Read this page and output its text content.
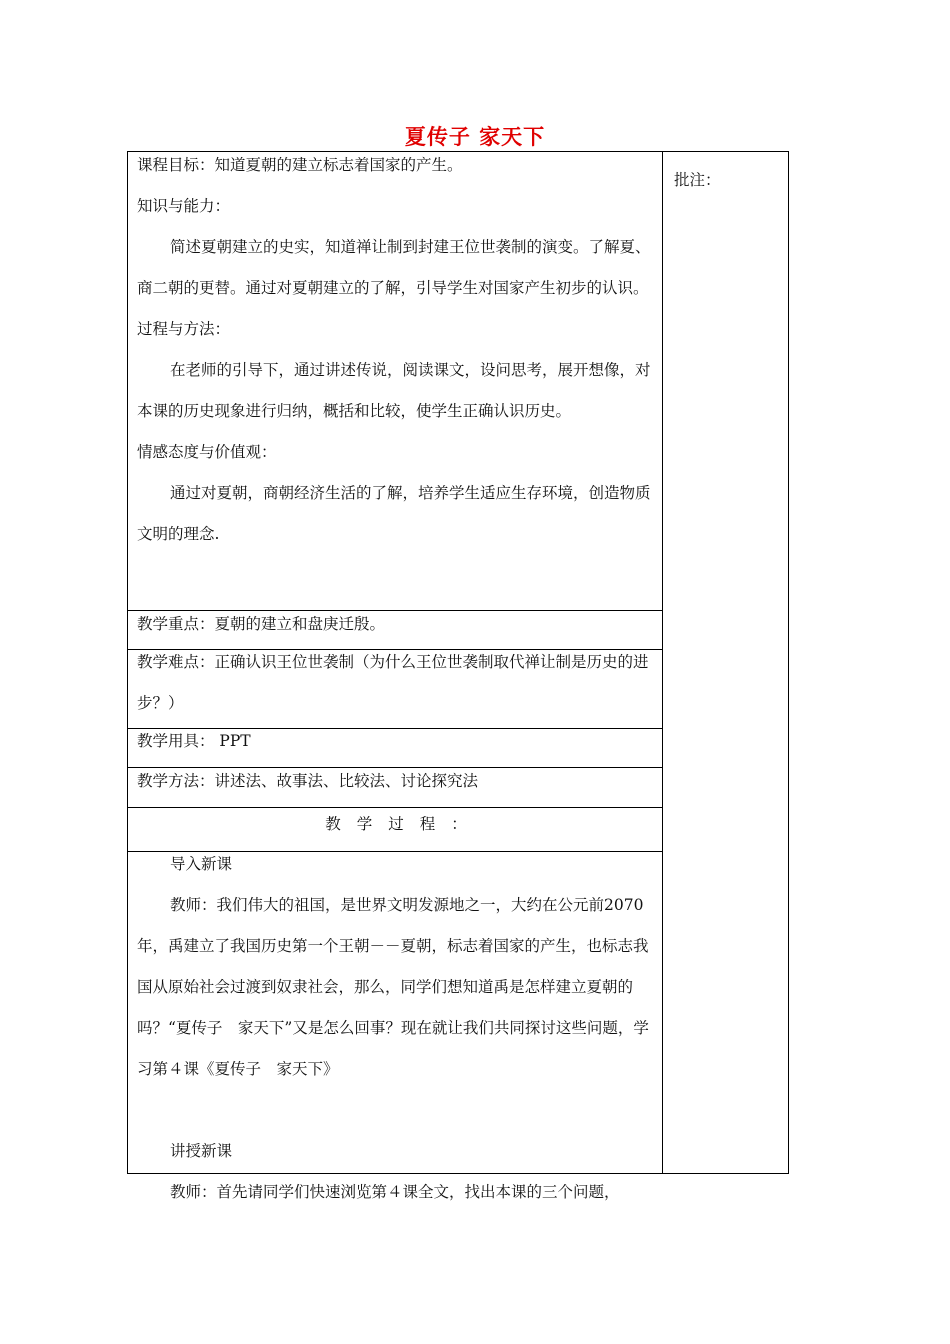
夏传子 家天下
批注：

课程目标：知道夏朝的建立标志着国家的产生。

知识与能力：

简述夏朝建立的史实，知道禅让制到封建王位世袭制的演变。了解夏、商二朝的更替。通过对夏朝建立的了解，引导学生对国家产生初步的认识。

过程与方法：

在老师的引导下，通过讲述传说，阅读课文，设问思考，展开想像，对本课的历史现象进行归纳，概括和比较，使学生正确认识历史。

情感态度与价值观：

通过对夏朝，商朝经济生活的了解，培养学生适应生存环境，创造物质文明的理念.

教学重点：夏朝的建立和盘庚迁殷。
教学难点：正确认识王位世袭制（为什么王位世袭制取代禅让制是历史的进步？）
教学用具： PPT
教学方法：讲述法、故事法、比较法、讨论探究法
教学过程：

导入新课

教师：我们伟大的祖国，是世界文明发源地之一，大约在公元前2070年，禹建立了我国历史第一个王朝－－夏朝，标志着国家的产生，也标志我国从原始社会过渡到奴隶社会，那么，同学们想知道禹是怎样建立夏朝的吗？“夏传子　家天下”又是怎么回事？现在就让我们共同探讨这些问题，学习第４课《夏传子　家天下》

讲授新课

教师：首先请同学们快速浏览第４课全文，找出本课的三个问题，
